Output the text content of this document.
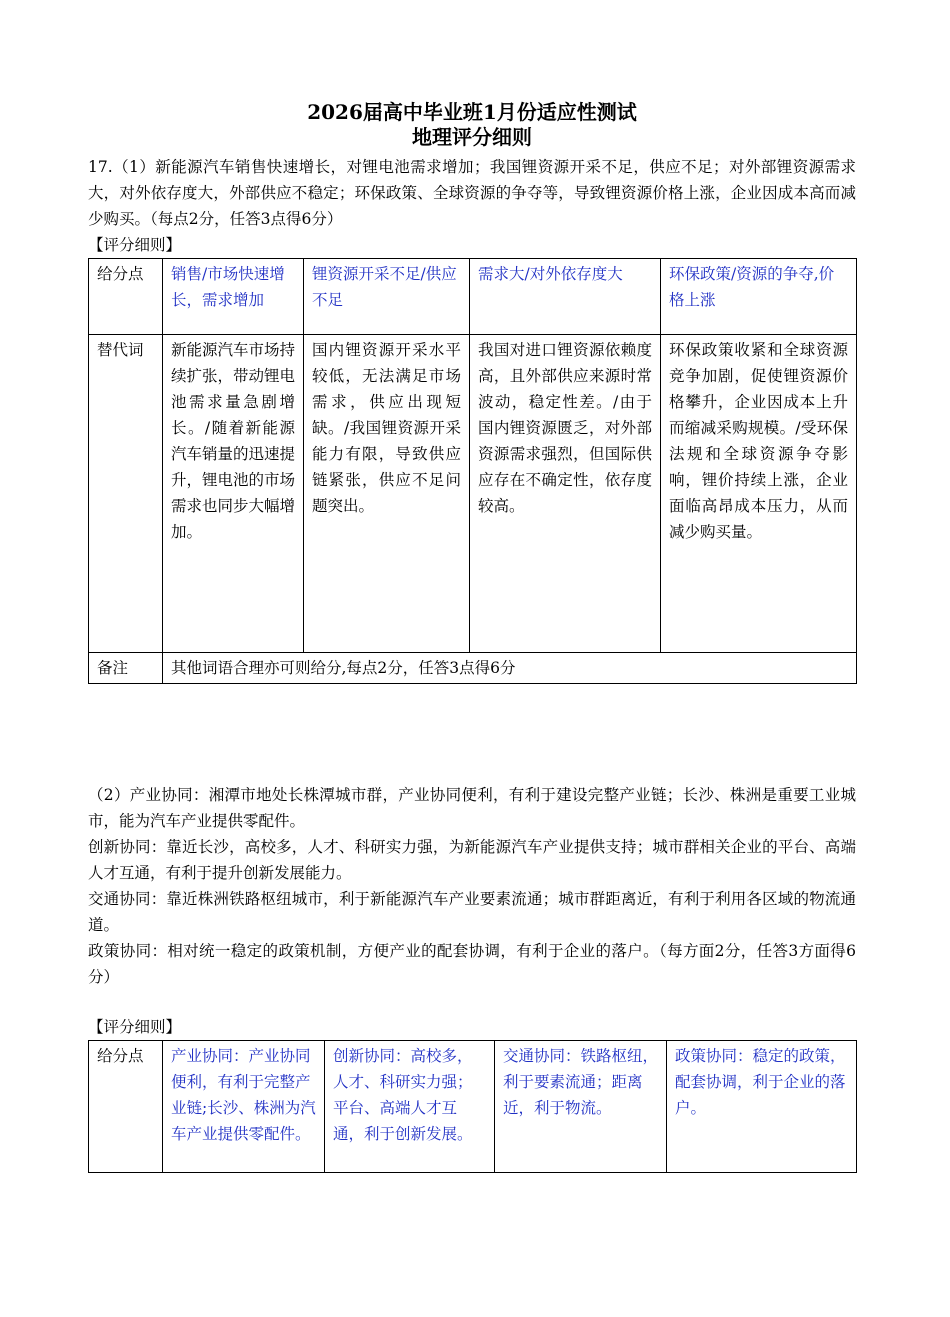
2026届高中毕业班1月份适应性测试
地理评分细则
17.（1）新能源汽车销售快速增长，对锂电池需求增加；我国锂资源开采不足，供应不足；对外部锂资源需求大，对外依存度大，外部供应不稳定；环保政策、全球资源的争夺等，导致锂资源价格上涨，企业因成本高而减少购买。（每点2分，任答3点得6分）
【评分细则】
给分点	销售/市场快速增长，需求增加	锂资源开采不足/供应不足	需求大/对外依存度大	环保政策/资源的争夺,价格上涨
替代词	新能源汽车市场持续扩张，带动锂电池需求量急剧增长。/随着新能源汽车销量的迅速提升，锂电池的市场需求也同步大幅增加。	国内锂资源开采水平较低，无法满足市场需求，供应出现短缺。/我国锂资源开采能力有限，导致供应链紧张，供应不足问题突出。	我国对进口锂资源依赖度高，且外部供应来源时常波动，稳定性差。/由于国内锂资源匮乏，对外部资源需求强烈，但国际供应存在不确定性，依存度较高。	环保政策收紧和全球资源竞争加剧，促使锂资源价格攀升，企业因成本上升而缩减采购规模。/受环保法规和全球资源争夺影响，锂价持续上涨，企业面临高昂成本压力，从而减少购买量。
备注	其他词语合理亦可则给分,每点2分，任答3点得6分			
（2）产业协同：湘潭市地处长株潭城市群，产业协同便利，有利于建设完整产业链；长沙、株洲是重要工业城市，能为汽车产业提供零配件。
创新协同：靠近长沙，高校多，人才、科研实力强，为新能源汽车产业提供支持；城市群相关企业的平台、高端人才互通，有利于提升创新发展能力。
交通协同：靠近株洲铁路枢纽城市，利于新能源汽车产业要素流通；城市群距离近，有利于利用各区域的物流通道。
政策协同：相对统一稳定的政策机制，方便产业的配套协调，有利于企业的落户。（每方面2分，任答3方面得6分）
【评分细则】
给分点	产业协同：产业协同便利，有利于完整产业链;长沙、株洲为汽车产业提供零配件。	创新协同：高校多，人才、科研实力强；平台、高端人才互通，利于创新发展。	交通协同：铁路枢纽，利于要素流通；距离近，利于物流。	政策协同：稳定的政策，配套协调，利于企业的落户。
